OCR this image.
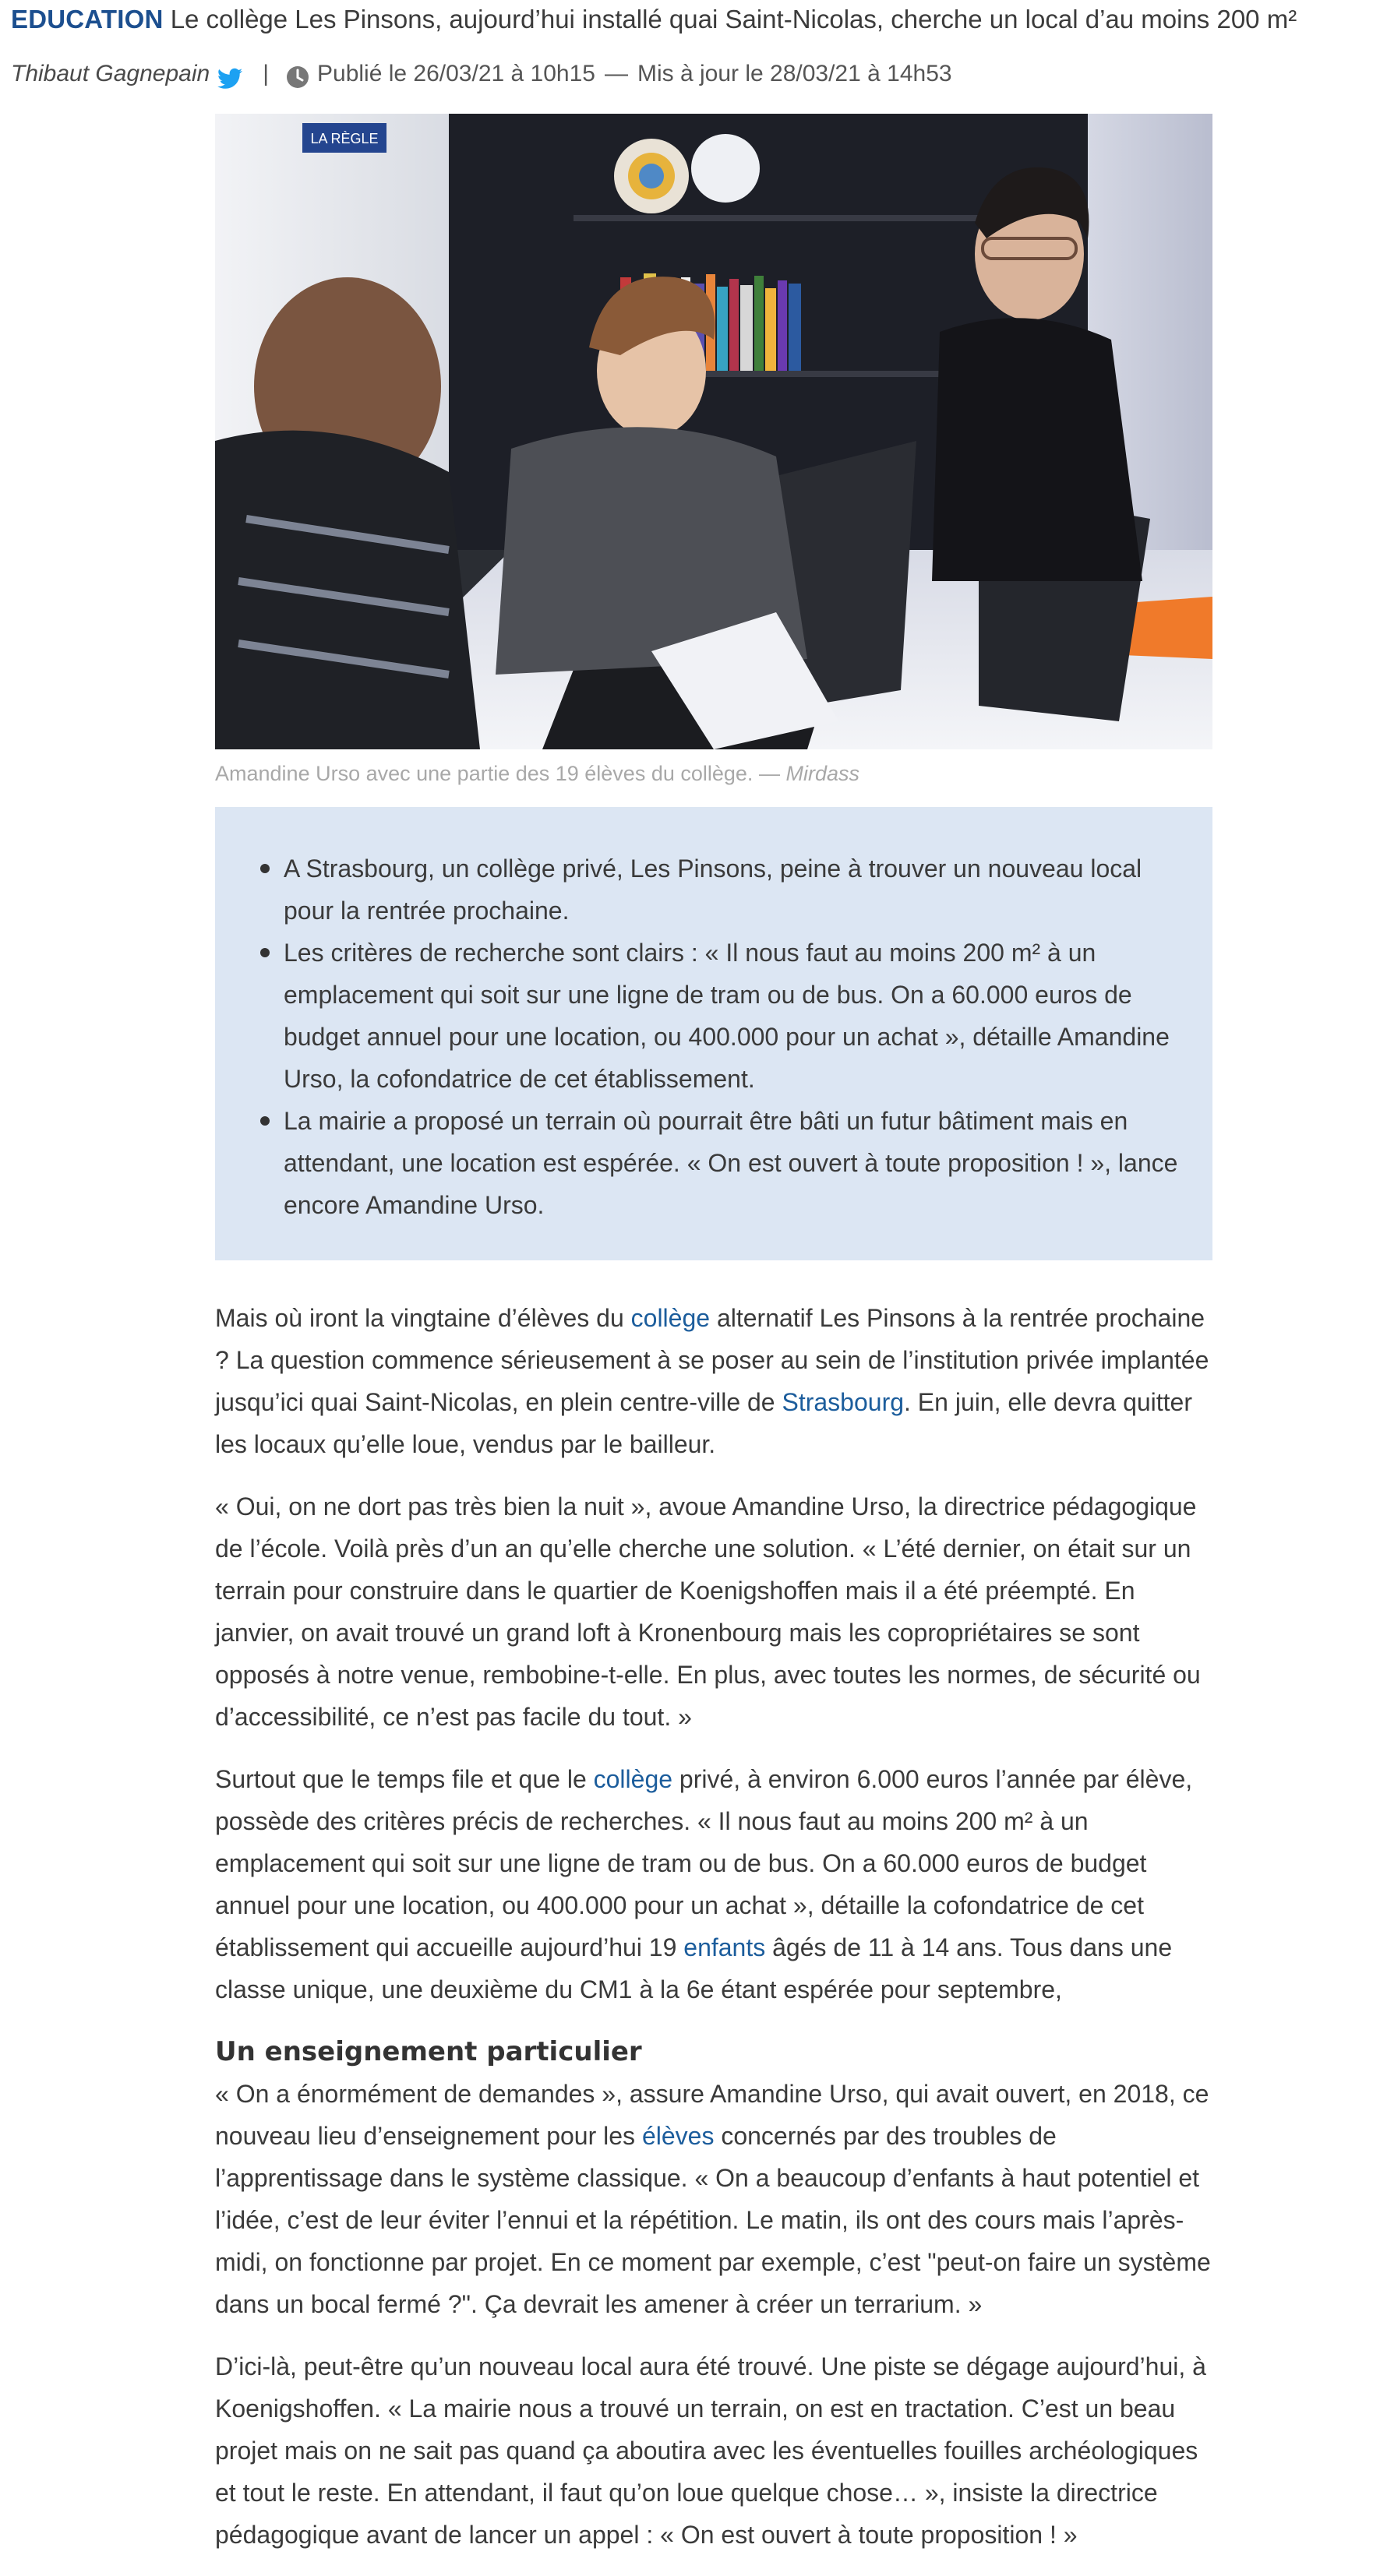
EDUCATION Le collège Les Pinsons, aujourd’hui installé quai Saint-Nicolas, cherche un local d’au moins 200 m²
Thibaut Gagnepain | Publié le 26/03/21 à 10h15 — Mis à jour le 28/03/21 à 14h53
LA RÈGLE
Amandine Urso avec une partie des 19 élèves du collège. — Mirdass
A Strasbourg, un collège privé, Les Pinsons, peine à trouver un nouveau local pour la rentrée prochaine.
Les critères de recherche sont clairs : « Il nous faut au moins 200 m² à un emplacement qui soit sur une ligne de tram ou de bus. On a 60.000 euros de budget annuel pour une location, ou 400.000 pour un achat », détaille Amandine Urso, la cofondatrice de cet établissement.
La mairie a proposé un terrain où pourrait être bâti un futur bâtiment mais en attendant, une location est espérée. « On est ouvert à toute proposition ! », lance encore Amandine Urso.

Mais où iront la vingtaine d’élèves du collège alternatif Les Pinsons à la rentrée prochaine ? La question commence sérieusement à se poser au sein de l’institution privée implantée jusqu’ici quai Saint-Nicolas, en plein centre-ville de Strasbourg. En juin, elle devra quitter les locaux qu’elle loue, vendus par le bailleur.

« Oui, on ne dort pas très bien la nuit », avoue Amandine Urso, la directrice pédagogique de l’école. Voilà près d’un an qu’elle cherche une solution. « L’été dernier, on était sur un terrain pour construire dans le quartier de Koenigshoffen mais il a été préempté. En janvier, on avait trouvé un grand loft à Kronenbourg mais les copropriétaires se sont opposés à notre venue, rembobine-t-elle. En plus, avec toutes les normes, de sécurité ou d’accessibilité, ce n’est pas facile du tout. »

Surtout que le temps file et que le collège privé, à environ 6.000 euros l’année par élève, possède des critères précis de recherches. « Il nous faut au moins 200 m² à un emplacement qui soit sur une ligne de tram ou de bus. On a 60.000 euros de budget annuel pour une location, ou 400.000 pour un achat », détaille la cofondatrice de cet établissement qui accueille aujourd’hui 19 enfants âgés de 11 à 14 ans. Tous dans une classe unique, une deuxième du CM1 à la 6e étant espérée pour septembre,

Un enseignement particulier

« On a énormément de demandes », assure Amandine Urso, qui avait ouvert, en 2018, ce nouveau lieu d’enseignement pour les élèves concernés par des troubles de l’apprentissage dans le système classique. « On a beaucoup d’enfants à haut potentiel et l’idée, c’est de leur éviter l’ennui et la répétition. Le matin, ils ont des cours mais l’après-midi, on fonctionne par projet. En ce moment par exemple, c’est "peut-on faire un système dans un bocal fermé ?". Ça devrait les amener à créer un terrarium. »

D’ici-là, peut-être qu’un nouveau local aura été trouvé. Une piste se dégage aujourd’hui, à Koenigshoffen. « La mairie nous a trouvé un terrain, on est en tractation. C’est un beau projet mais on ne sait pas quand ça aboutira avec les éventuelles fouilles archéologiques et tout le reste. En attendant, il faut qu’on loue quelque chose… », insiste la directrice pédagogique avant de lancer un appel : « On est ouvert à toute proposition ! »
